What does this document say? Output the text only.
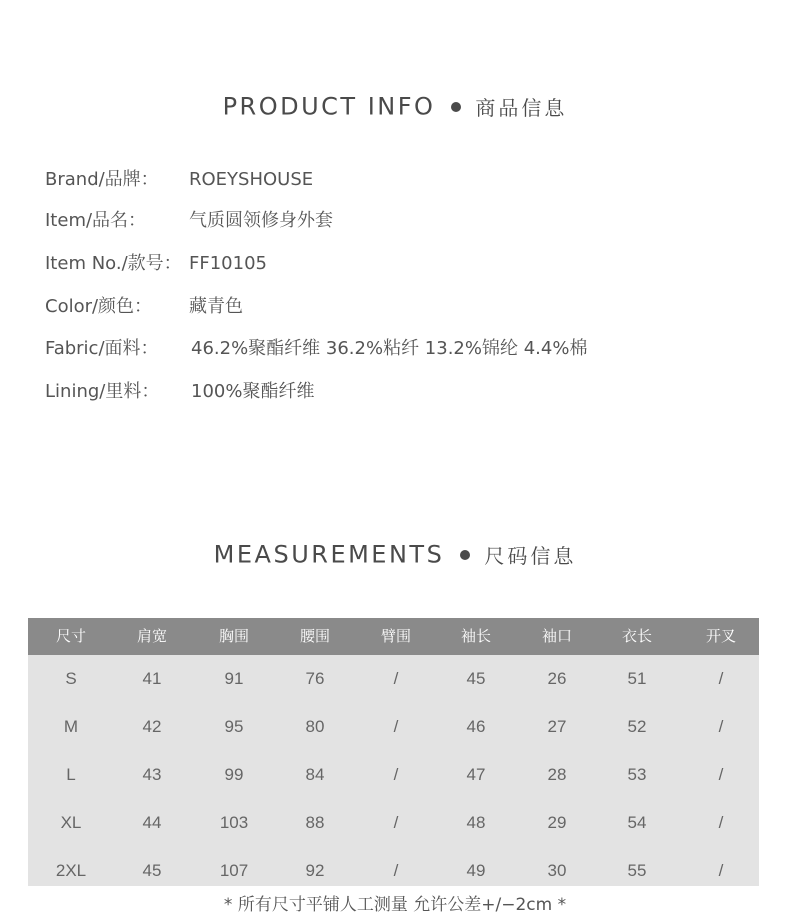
PRODUCT INFO 商品信息
Brand/品牌： ROEYSHOUSE
Item/品名： 气质圆领修身外套
Item No./款号： FF10105
Color/颜色： 藏青色
Fabric/面料： 46.2%聚酯纤维 36.2%粘纤 13.2%锦纶 4.4%棉
Lining/里料： 100%聚酯纤维
MEASUREMENTS 尺码信息
尺寸	肩宽	胸围	腰围	臂围	袖长	袖口	衣长	开叉
S	41	91	76	/	45	26	51	/
M	42	95	80	/	46	27	52	/
L	43	99	84	/	47	28	53	/
XL	44	103	88	/	48	29	54	/
2XL	45	107	92	/	49	30	55	/
* 所有尺寸平铺人工测量 允许公差+/−2cm *
